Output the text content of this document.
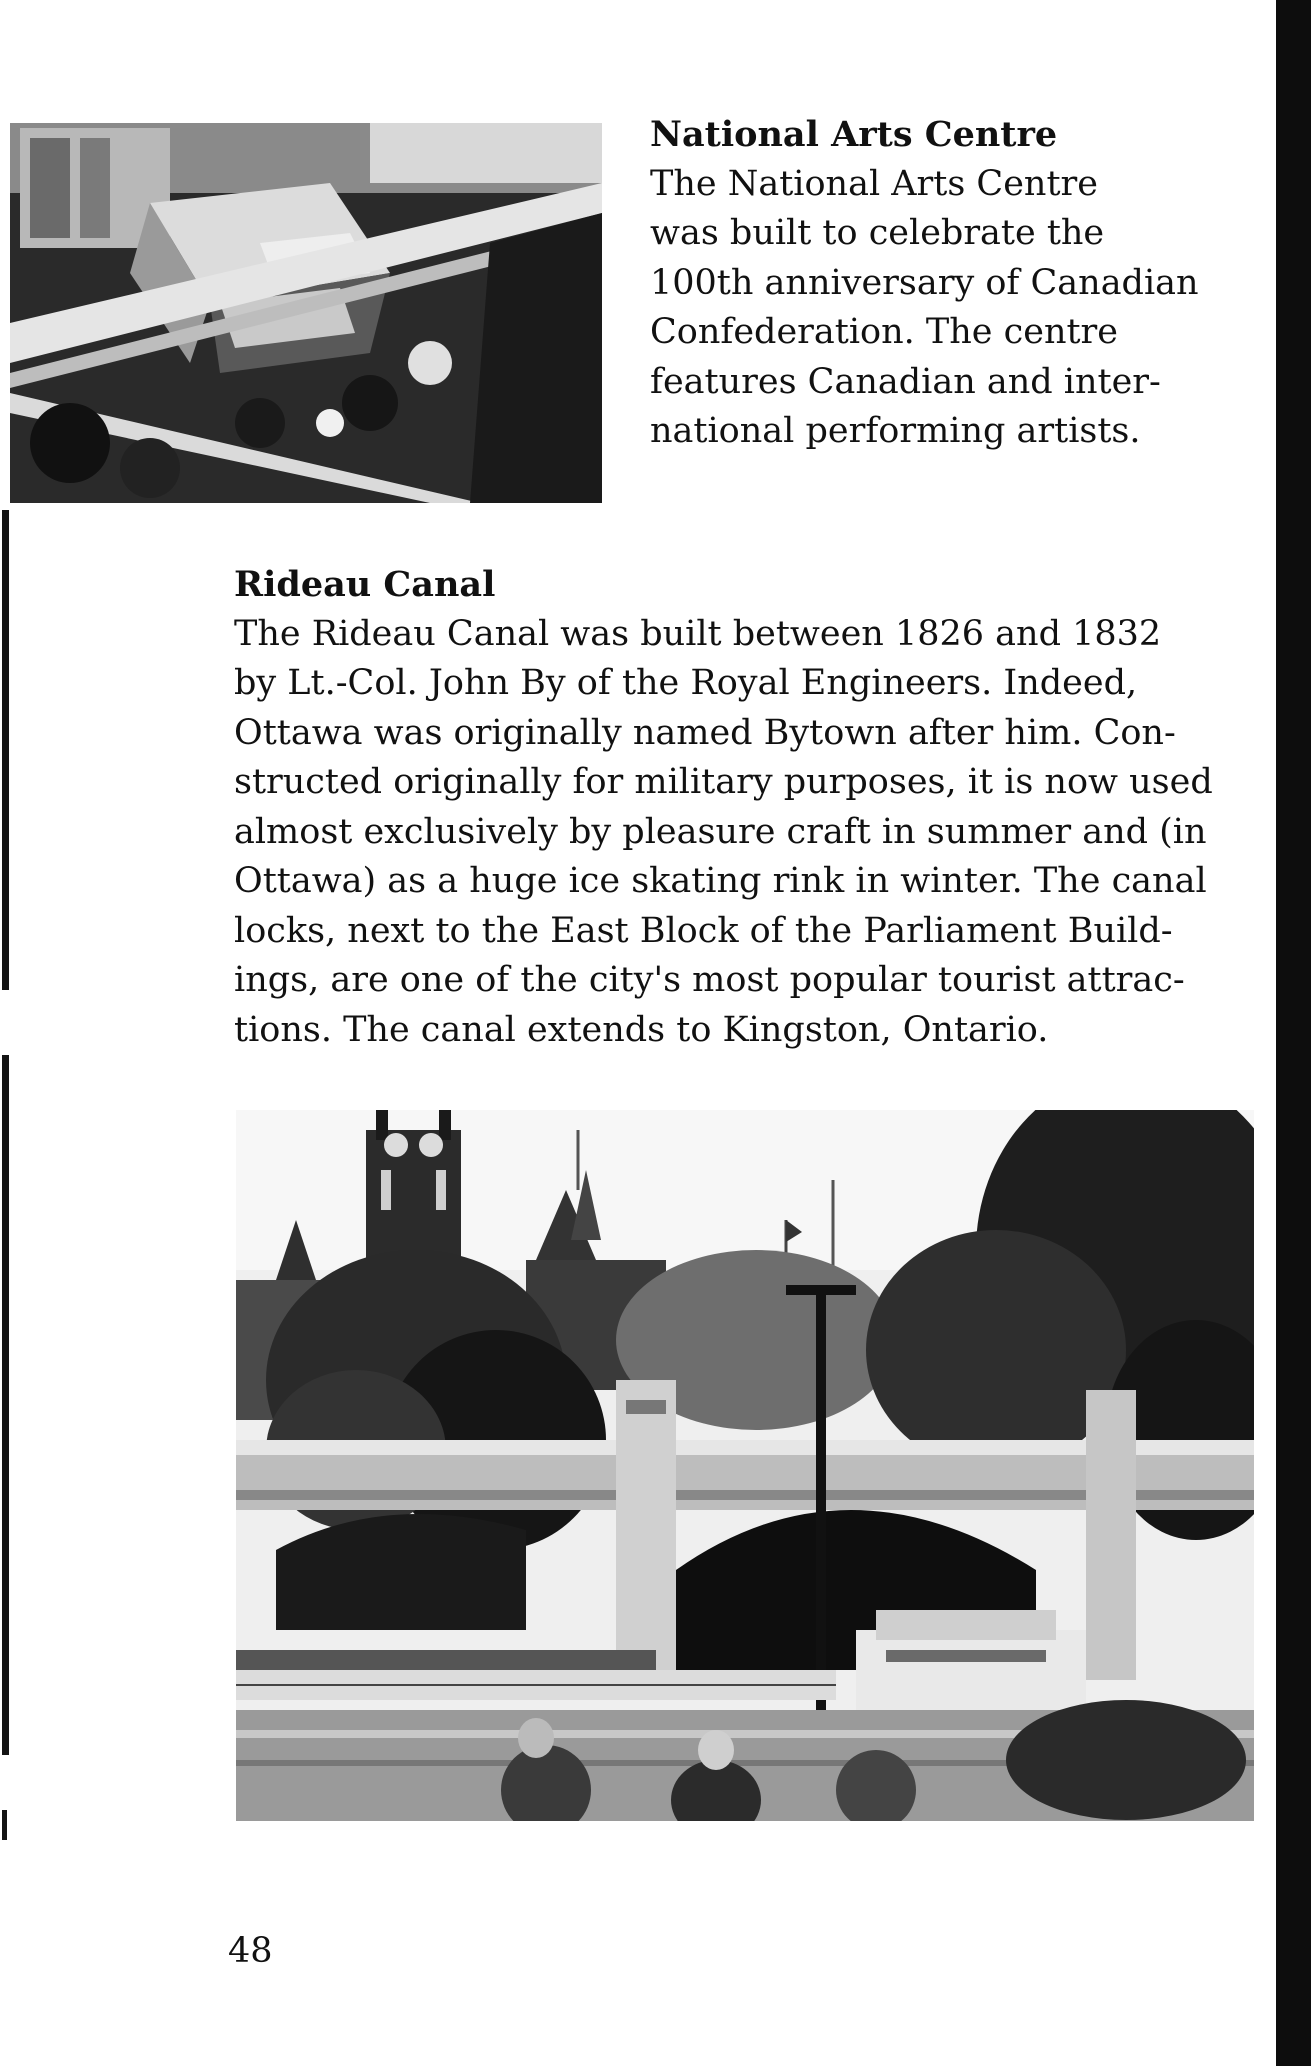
National Arts Centre
The National Arts Centre
was built to celebrate the
100th anniversary of Canadian
Confederation. The centre
features Canadian and inter-
national performing artists.
Rideau Canal
The Rideau Canal was built between 1826 and 1832
by Lt.-Col. John By of the Royal Engineers. Indeed,
Ottawa was originally named Bytown after him. Con-
structed originally for military purposes, it is now used
almost exclusively by pleasure craft in summer and (in
Ottawa) as a huge ice skating rink in winter. The canal
locks, next to the East Block of the Parliament Build-
ings, are one of the city's most popular tourist attrac-
tions. The canal extends to Kingston, Ontario.
48
